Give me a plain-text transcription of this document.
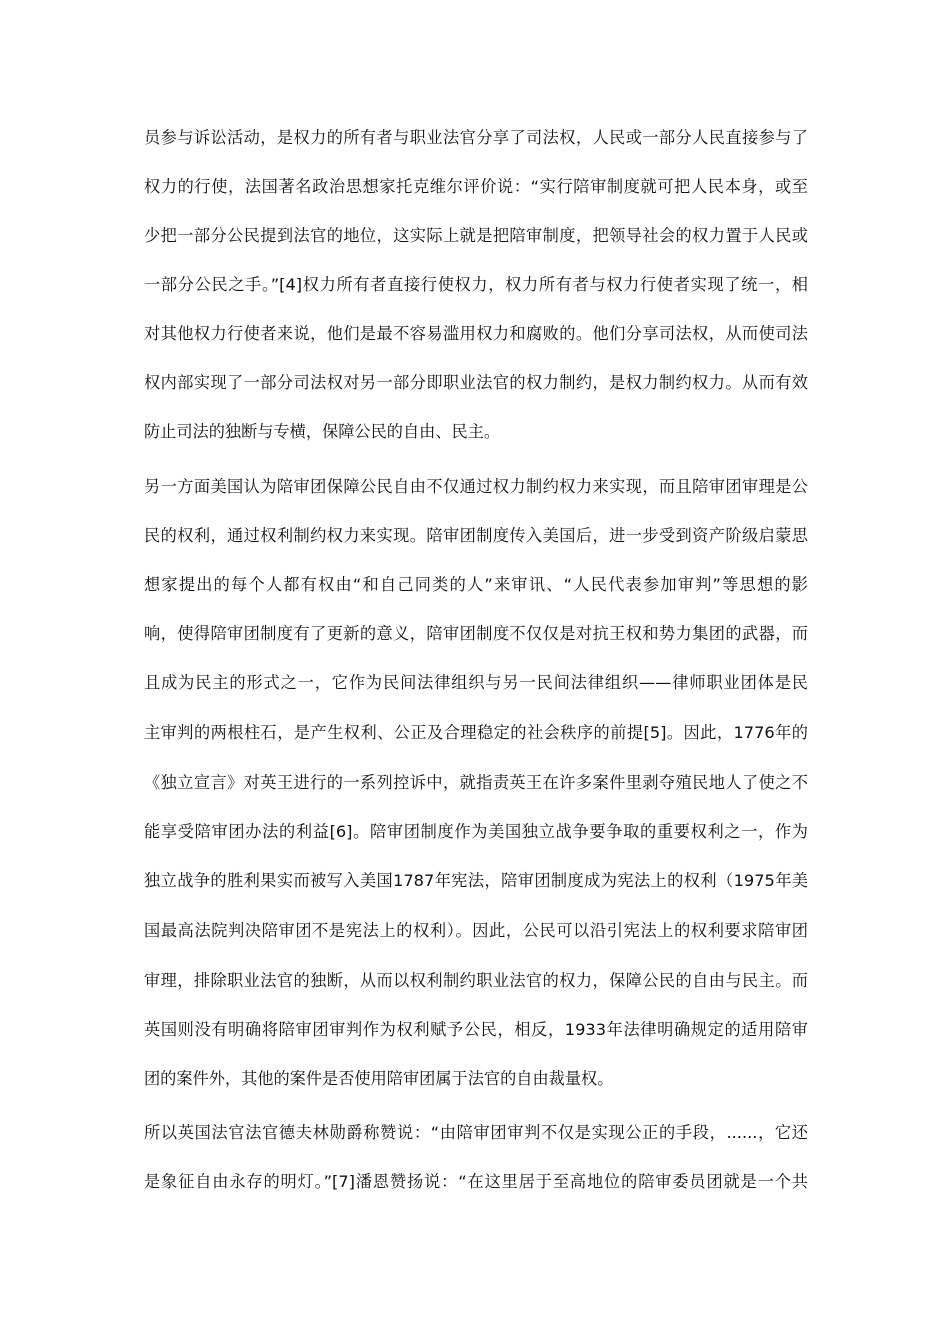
员参与诉讼活动，是权力的所有者与职业法官分享了司法权，人民或一部分人民直接参与了
权力的行使，法国著名政治思想家托克维尔评价说：“实行陪审制度就可把人民本身，或至
少把一部分公民提到法官的地位，这实际上就是把陪审制度，把领导社会的权力置于人民或
一部分公民之手。”[4]权力所有者直接行使权力，权力所有者与权力行使者实现了统一，相
对其他权力行使者来说，他们是最不容易滥用权力和腐败的。他们分享司法权，从而使司法
权内部实现了一部分司法权对另一部分即职业法官的权力制约，是权力制约权力。从而有效
防止司法的独断与专横，保障公民的自由、民主。
另一方面美国认为陪审团保障公民自由不仅通过权力制约权力来实现，而且陪审团审理是公
民的权利，通过权利制约权力来实现。陪审团制度传入美国后，进一步受到资产阶级启蒙思
想家提出的每个人都有权由“和自己同类的人”来审讯、“人民代表参加审判”等思想的影
响，使得陪审团制度有了更新的意义，陪审团制度不仅仅是对抗王权和势力集团的武器，而
且成为民主的形式之一，它作为民间法律组织与另一民间法律组织——律师职业团体是民
主审判的两根柱石，是产生权利、公正及合理稳定的社会秩序的前提[5]。因此，1776年的
《独立宣言》对英王进行的一系列控诉中，就指责英王在许多案件里剥夺殖民地人了使之不
能享受陪审团办法的利益[6]。陪审团制度作为美国独立战争要争取的重要权利之一，作为
独立战争的胜利果实而被写入美国1787年宪法，陪审团制度成为宪法上的权利（1975年美
国最高法院判决陪审团不是宪法上的权利）。因此，公民可以沿引宪法上的权利要求陪审团
审理，排除职业法官的独断，从而以权利制约职业法官的权力，保障公民的自由与民主。而
英国则没有明确将陪审团审判作为权利赋予公民，相反，1933年法律明确规定的适用陪审
团的案件外，其他的案件是否使用陪审团属于法官的自由裁量权。
所以英国法官法官德夫林勋爵称赞说：“由陪审团审判不仅是实现公正的手段，......，它还
是象征自由永存的明灯。”[7]潘恩赞扬说：“在这里居于至高地位的陪审委员团就是一个共
